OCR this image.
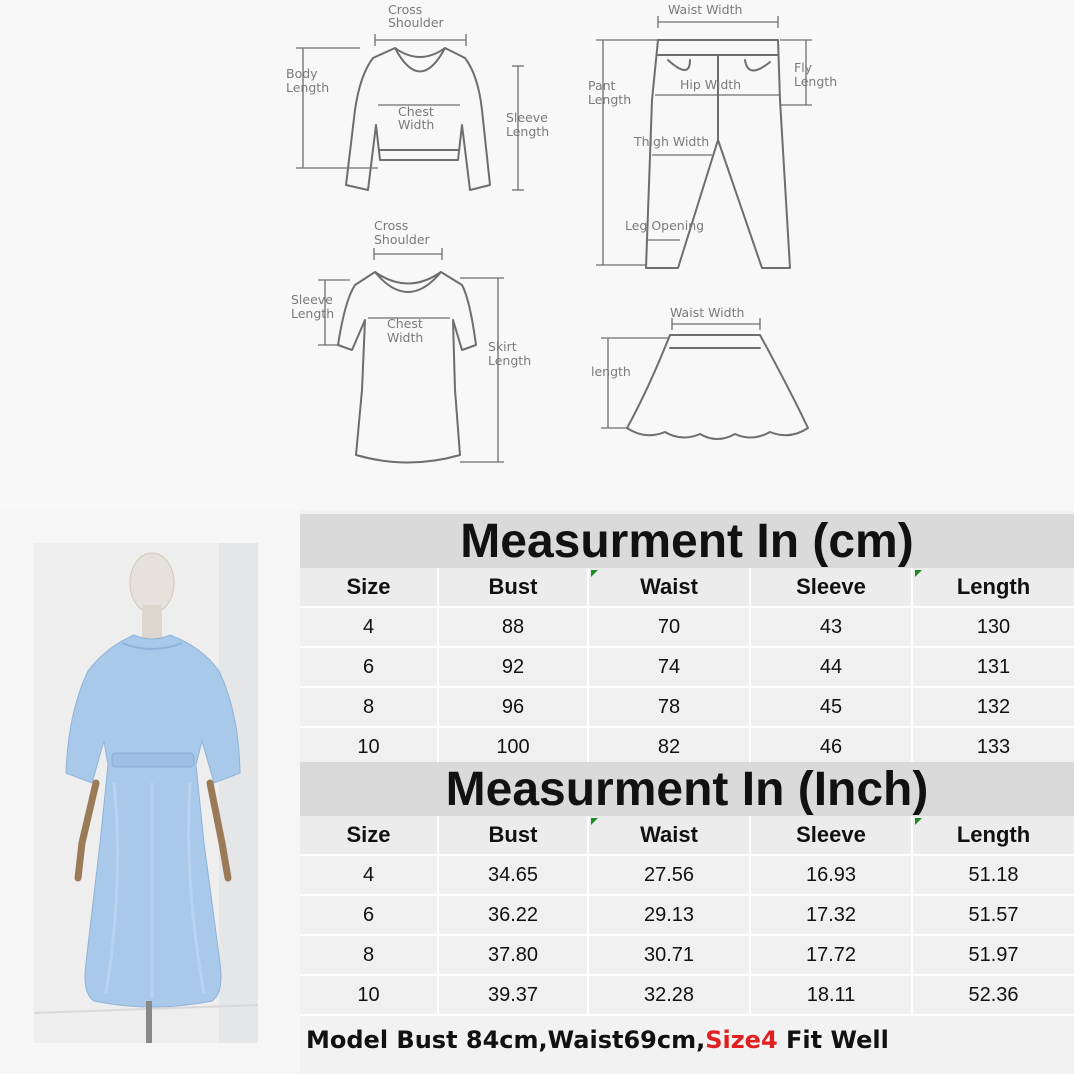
Cross
Shoulder
Body
Length
Chest
Width	Sleeve
Length
Waist Width
Pant
Length
Hip Width
Fly
Length
Thigh Width
Leg Opening
Cross
Shoulder
Sleeve
Length
Chest
Width
Skirt
Length
Waist Width
length
Measurment In (cm)
Size	Bust	Waist	Sleeve	Length
4	88	70	43	130
6	92	74	44	131
8	96	78	45	132
10	100	82	46	133
Measurment In (Inch)
Size	Bust	Waist	Sleeve	Length
4	34.65	27.56	16.93	51.18
6	36.22	29.13	17.32	51.57
8	37.80	30.71	17.72	51.97
10	39.37	32.28	18.11	52.36
Model Bust 84cm,Waist69cm,Size4 Fit Well
